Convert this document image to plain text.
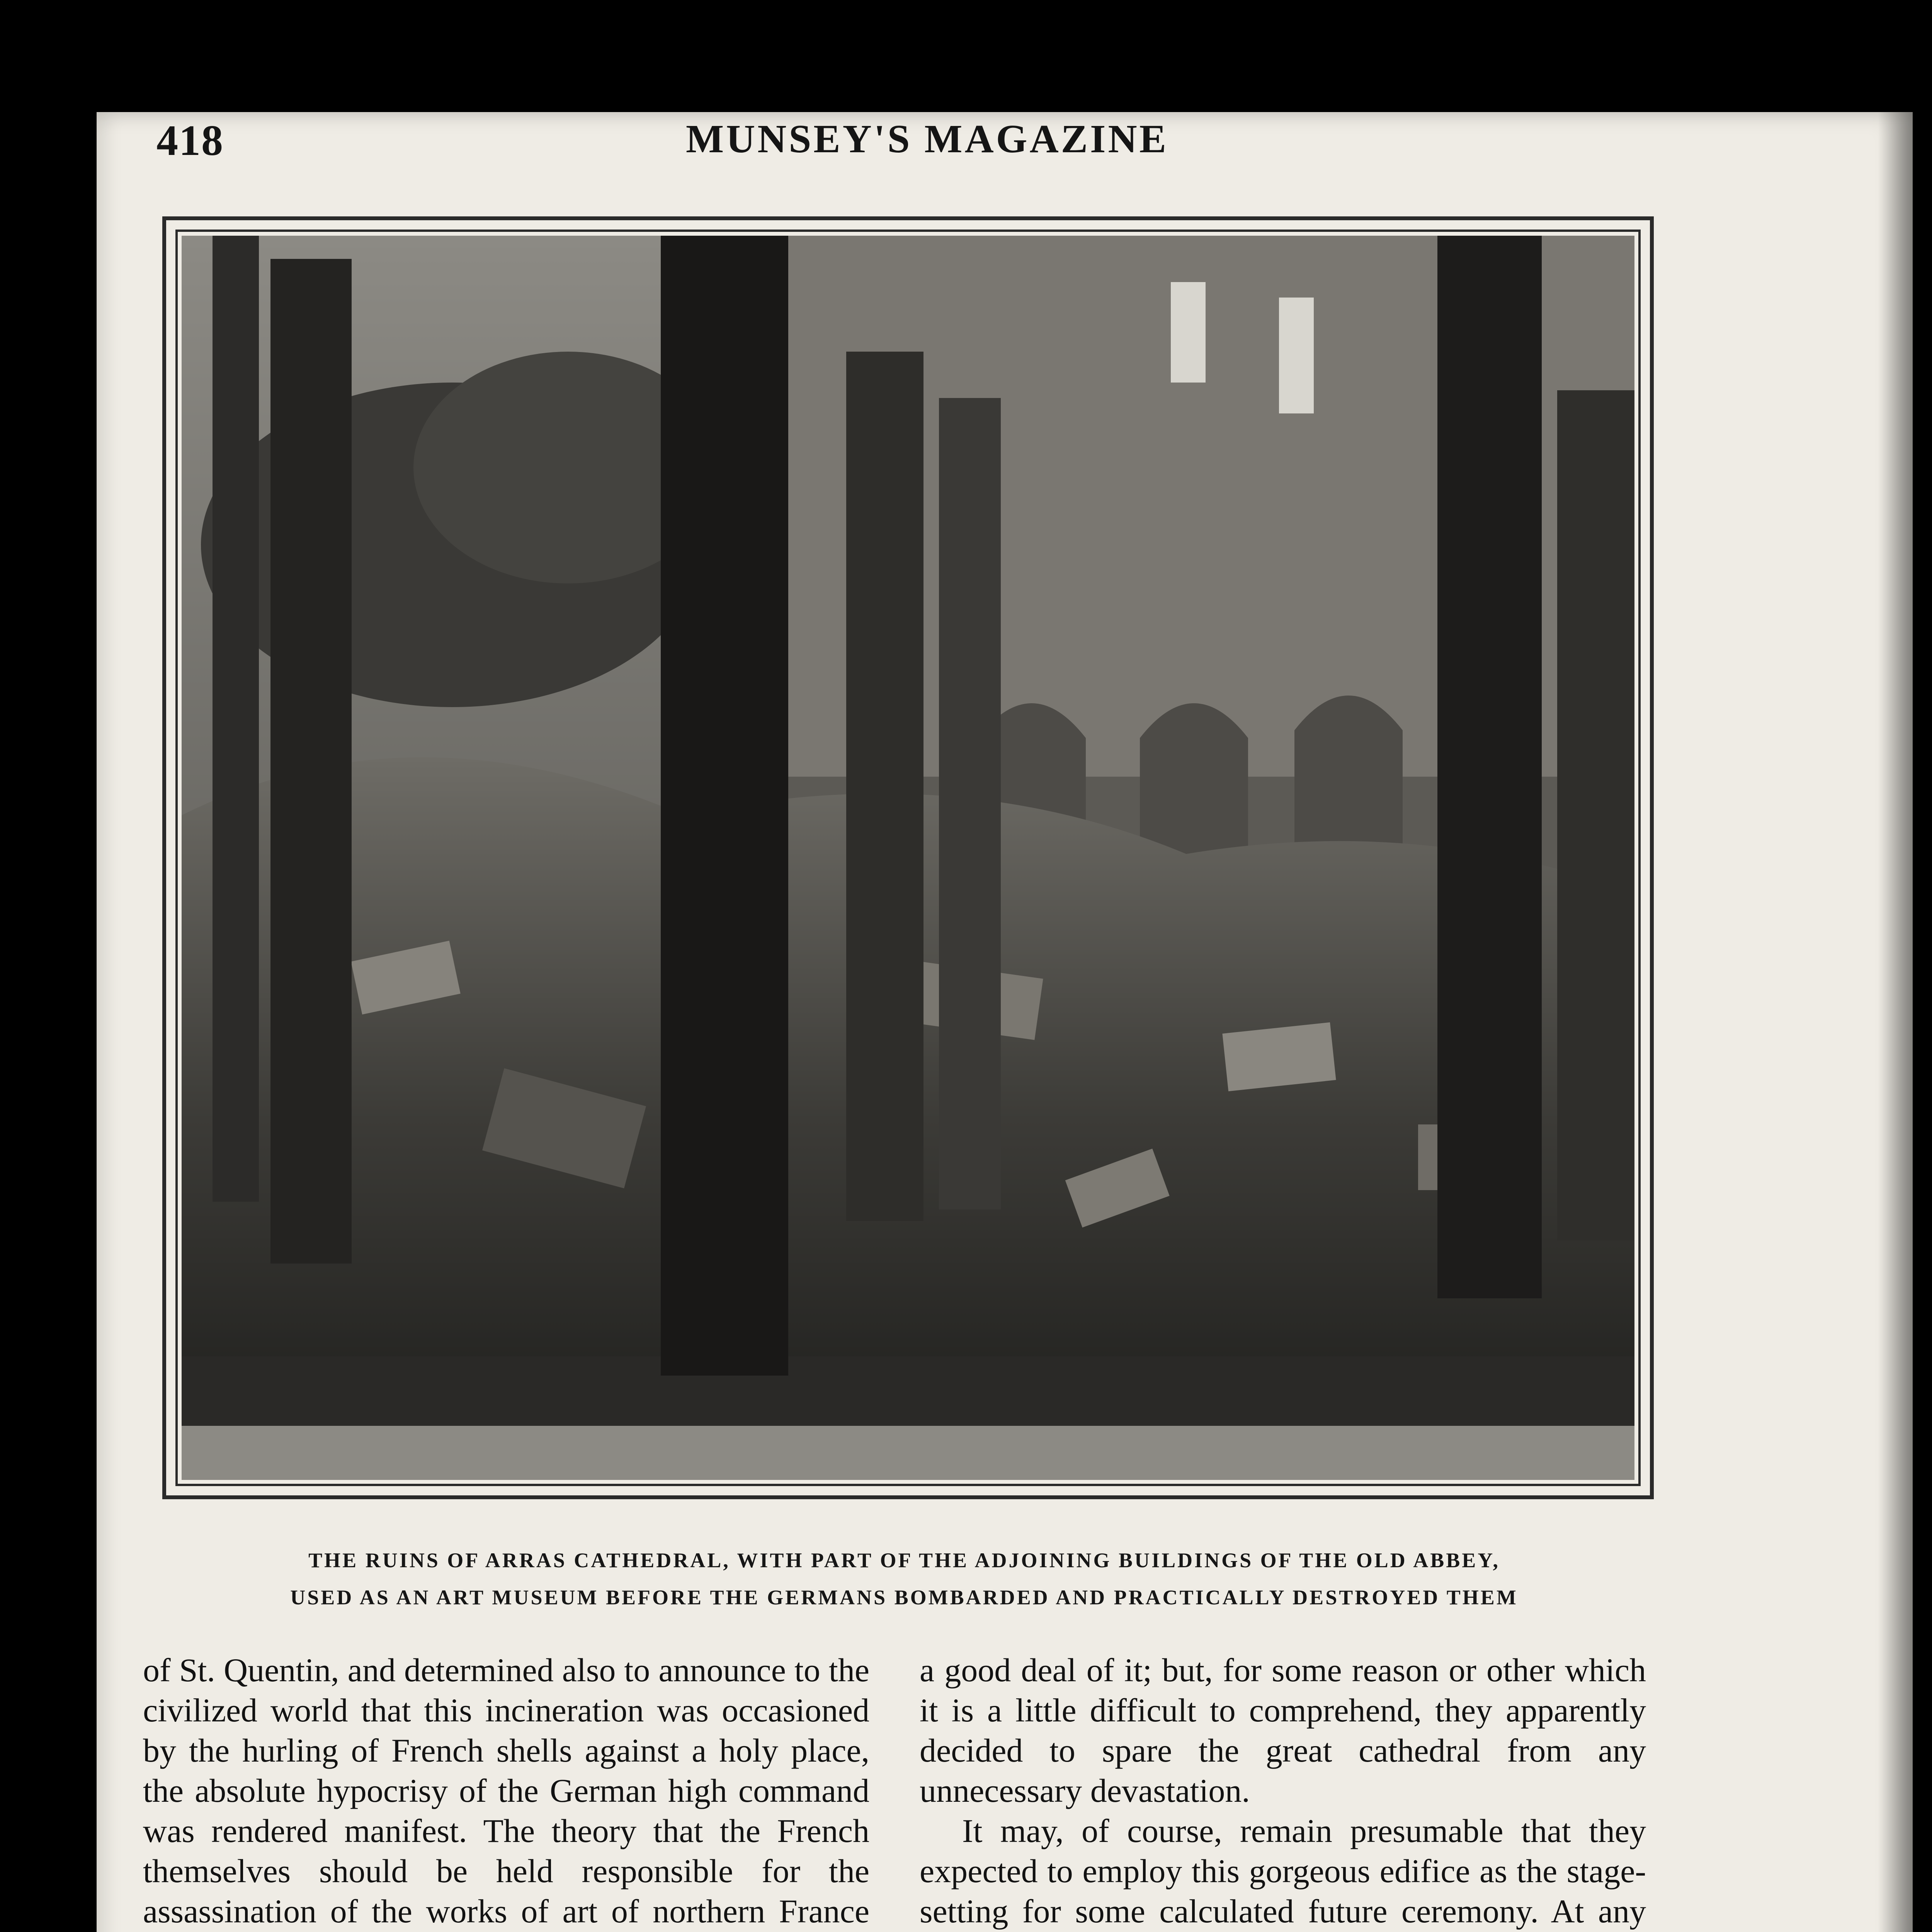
418	MUNSEY'S MAGAZINE
THE RUINS OF ARRAS CATHEDRAL, WITH PART OF THE ADJOINING BUILDINGS OF THE OLD ABBEY,
USED AS AN ART MUSEUM BEFORE THE GERMANS BOMBARDED AND PRACTICALLY DESTROYED THEM

of St. Quentin, and determined also to announce to the civilized world that this incineration was occasioned by the hurling of French shells against a holy place, the absolute hypocrisy of the German high command was rendered manifest. The theory that the French themselves should be held responsible for the assassination of the works of art of northern France

a good deal of it; but, for some reason or other which it is a little difficult to comprehend, they apparently decided to spare the great cathedral from any unnecessary devastation.

It may, of course, remain presumable that they expected to employ this gorgeous edifice as the stage-setting for some calculated future ceremony. At any
